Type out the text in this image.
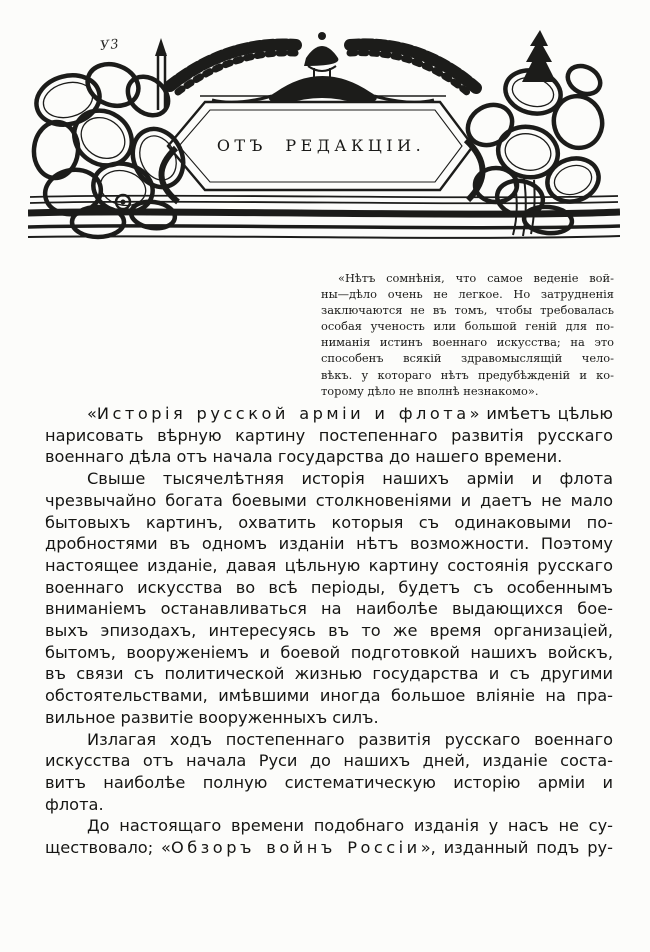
У3
ОТЪ РЕДАКЦІИ.
«Нѣтъ сомнѣнія, что самое веденіе вой-
ны—дѣло очень не легкое. Но затрудненія
заключаются не въ томъ, чтобы требовалась
особая ученость или большой геній для по-
ниманія истинъ военнаго искусства; на это
способенъ всякій здравомыслящій чело-
вѣкъ. у котораго нѣтъ предубѣжденій и ко-
торому дѣло не вполнѣ незнакомо».
«Исторія русской арміи и флота» имѣетъ цѣлью
нарисовать вѣрную картину постепеннаго развитія русскаго
военнаго дѣла отъ начала государства до нашего времени.
Свыше тысячелѣтняя исторія нашихъ арміи и флота
чрезвычайно богата боевыми столкновеніями и даетъ не мало
бытовыхъ картинъ, охватить которыя съ одинаковыми по-
дробностями въ одномъ изданіи нѣтъ возможности. Поэтому
настоящее изданіе, давая цѣльную картину состоянія русскаго
военнаго искусства во всѣ періоды, будетъ съ особеннымъ
вниманіемъ останавливаться на наиболѣе выдающихся бое-
выхъ эпизодахъ, интересуясь въ то же время организаціей,
бытомъ, вооруженіемъ и боевой подготовкой нашихъ войскъ,
въ связи съ политической жизнью государства и съ другими
обстоятельствами, имѣвшими иногда большое вліяніе на пра-
вильное развитіе вооруженныхъ силъ.
Излагая ходъ постепеннаго развитія русскаго военнаго
искусства отъ начала Руси до нашихъ дней, изданіе соста-
витъ наиболѣе полную систематическую исторію арміи и
флота.
До настоящаго времени подобнаго изданія у насъ не су-
ществовало; «Обзоръ войнъ Россіи», изданный подъ ру-
